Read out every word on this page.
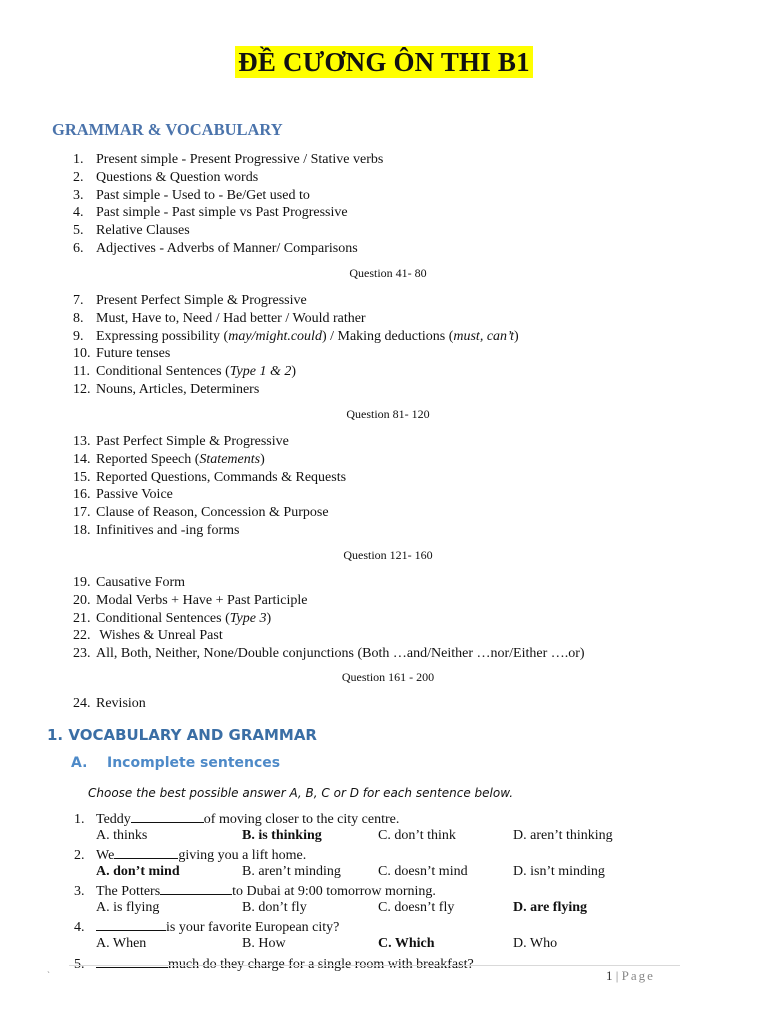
ĐỀ CƯƠNG ÔN THI B1
GRAMMAR & VOCABULARY
1. Present simple - Present Progressive / Stative verbs
2. Questions & Question words
3. Past simple - Used to - Be/Get used to
4. Past simple - Past simple vs Past Progressive
5. Relative Clauses
6. Adjectives - Adverbs of Manner/ Comparisons
Question 41- 80
7. Present Perfect Simple & Progressive
8. Must, Have to, Need / Had better / Would rather
9. Expressing possibility (may/might.could) / Making deductions (must, can’t)
10. Future tenses
11. Conditional Sentences (Type 1 & 2)
12. Nouns, Articles, Determiners
Question 81- 120
13. Past Perfect Simple & Progressive
14. Reported Speech (Statements)
15. Reported Questions, Commands & Requests
16. Passive Voice
17. Clause of Reason, Concession & Purpose
18. Infinitives and -ing forms
Question 121- 160
19. Causative Form
20. Modal Verbs + Have + Past Participle
21. Conditional Sentences (Type 3)
22. Wishes & Unreal Past
23. All, Both, Neither, None/Double conjunctions (Both …and/Neither …nor/Either ….or)
Question 161 - 200
24. Revision
1. VOCABULARY AND GRAMMAR
A. Incomplete sentences
Choose the best possible answer A, B, C or D for each sentence below.
1. Teddy	of moving closer to the city centre.
A. thinks	B. is thinking	C. don’t think	D. aren’t thinking
2. We	giving you a lift home.
A. don’t mind	B. aren’t minding	C. doesn’t mind	D. isn’t minding
3. The Potters	to Dubai at 9:00 tomorrow morning.
A. is flying	B. don’t fly	C. doesn’t fly	D. are flying
4.	is your favorite European city?
A. When	B. How	C. Which	D. Who
5.	much do they charge for a single room with breakfast?
`	1 | Page
